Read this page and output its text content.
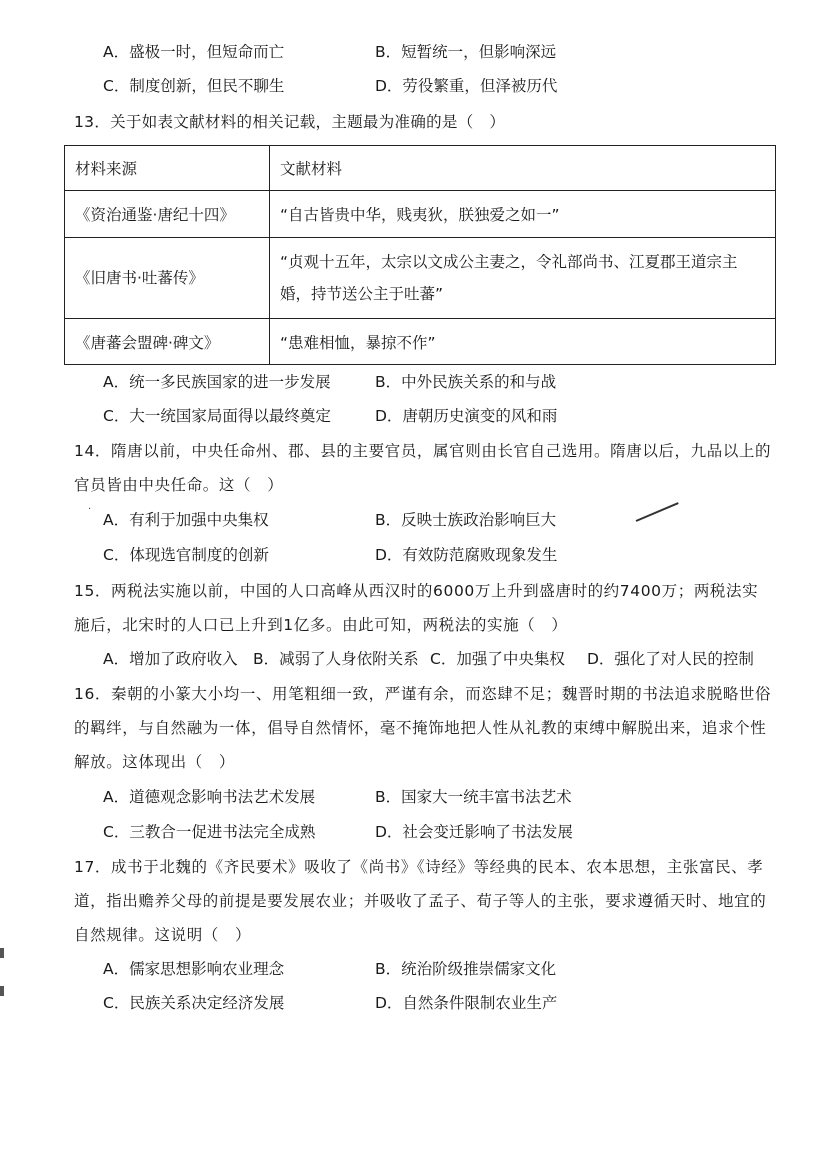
A．盛极一时，但短命而亡	B．短暂统一，但影响深远
C．制度创新，但民不聊生	D．劳役繁重，但泽被历代
13．关于如表文献材料的相关记载，主题最为准确的是（　）
材料来源	文献材料
《资治通鉴·唐纪十四》	“自古皆贵中华，贱夷狄，朕独爱之如一”
《旧唐书·吐蕃传》	“贞观十五年，太宗以文成公主妻之，令礼部尚书、江夏郡王道宗主婚，持节送公主于吐蕃”
《唐蕃会盟碑·碑文》	“患难相恤，暴掠不作”
A．统一多民族国家的进一步发展	B．中外民族关系的和与战
C．大一统国家局面得以最终奠定	D．唐朝历史演变的风和雨
14．隋唐以前，中央任命州、郡、县的主要官员，属官则由长官自己选用。隋唐以后，九品以上的官员皆由中央任命。这（　）
A．有利于加强中央集权	B．反映士族政治影响巨大
C．体现选官制度的创新	D．有效防范腐败现象发生
·
15．两税法实施以前，中国的人口高峰从西汉时的6000万上升到盛唐时的约7400万；两税法实施后，北宋时的人口已上升到1亿多。由此可知，两税法的实施（　）
A．增加了政府收入 B．减弱了人身依附关系 C．加强了中央集权 D．强化了对人民的控制
16．秦朝的小篆大小均一、用笔粗细一致，严谨有余，而恣肆不足；魏晋时期的书法追求脱略世俗的羁绊，与自然融为一体，倡导自然情怀，毫不掩饰地把人性从礼教的束缚中解脱出来，追求个性解放。这体现出（　）
A．道德观念影响书法艺术发展	B．国家大一统丰富书法艺术
C．三教合一促进书法完全成熟	D．社会变迁影响了书法发展
17．成书于北魏的《齐民要术》吸收了《尚书》《诗经》等经典的民本、农本思想，主张富民、孝道，指出赡养父母的前提是要发展农业；并吸收了孟子、荀子等人的主张，要求遵循天时、地宜的自然规律。这说明（　）
A．儒家思想影响农业理念	B．统治阶级推崇儒家文化
C．民族关系决定经济发展	D．自然条件限制农业生产
